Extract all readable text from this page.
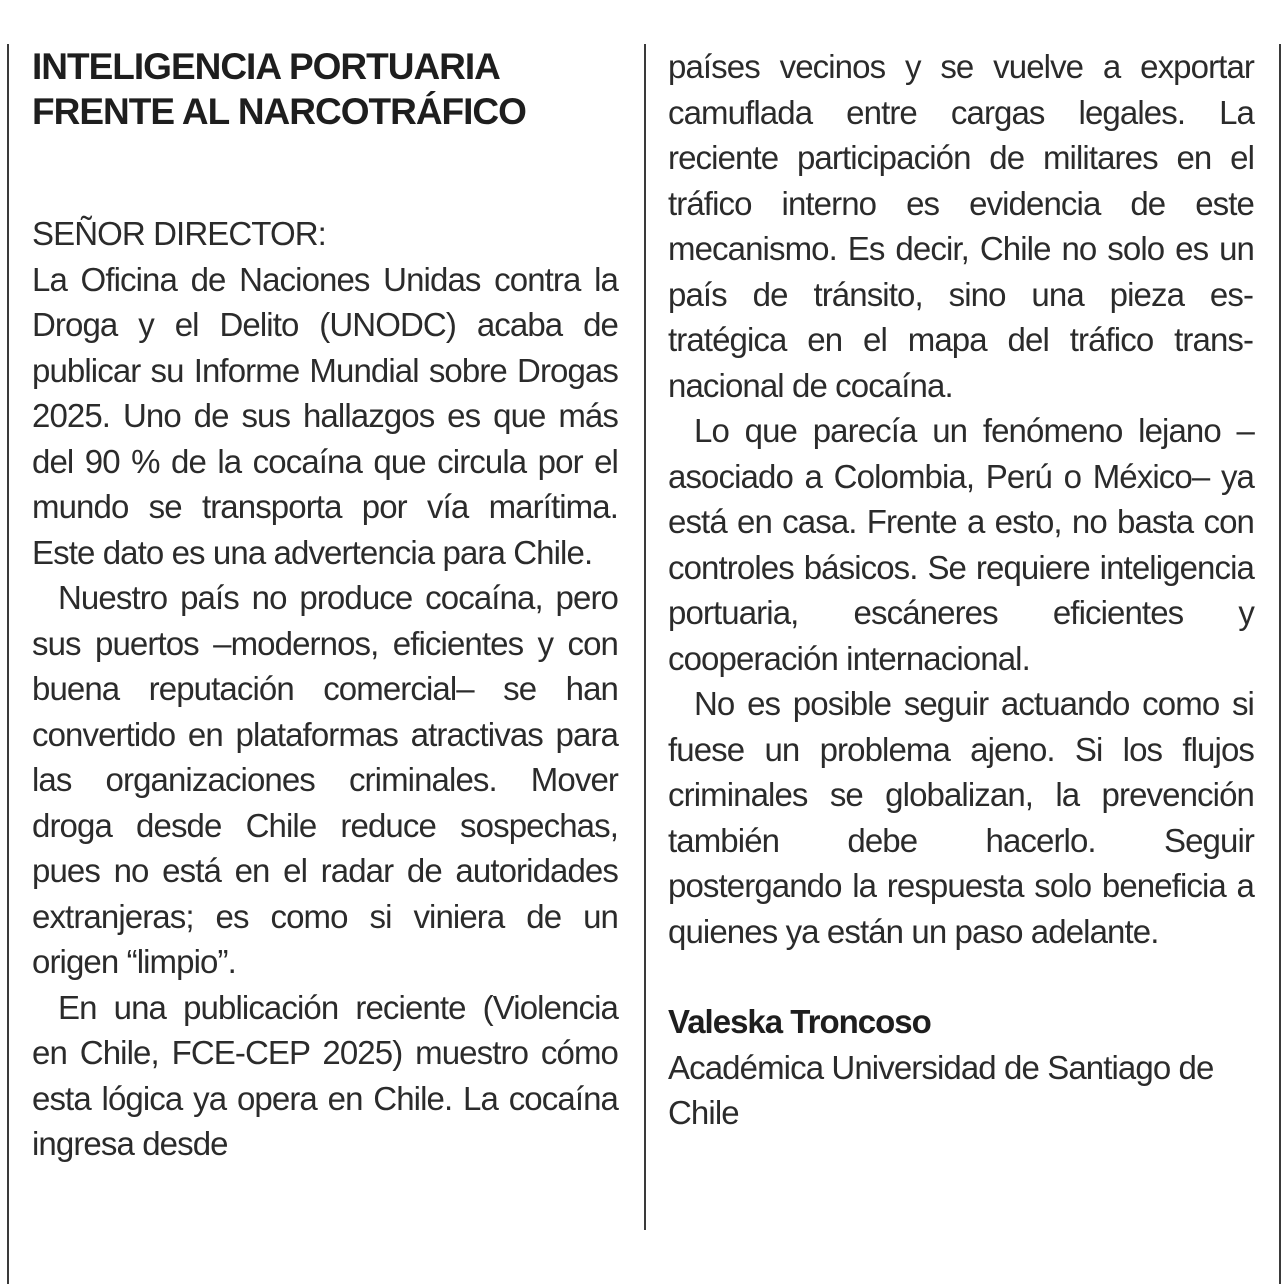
INTELIGENCIA PORTUARIA
FRENTE AL NARCOTRÁFICO
SEÑOR DIRECTOR:

La Oficina de Naciones Unidas contra la Droga y el Delito (UNODC) acaba de publicar su Informe Mundial sobre Drogas 2025. Uno de sus hallazgos es que más del 90 % de la cocaína que circula por el mundo se transporta por vía marítima. Este dato es una advertencia para Chile.

Nuestro país no produce cocaína, pero sus puertos –modernos, eficientes y con buena reputación comercial– se han convertido en plataformas atractivas para las organizaciones criminales. Mover droga desde Chile reduce sospechas, pues no está en el radar de autoridades extranjeras; es como si viniera de un origen “limpio”.

En una publicación reciente (Violencia en Chile, FCE-CEP 2025) muestro cómo esta lógica ya opera en Chile. La cocaína ingresa desde

países vecinos y se vuelve a exportar camuflada entre cargas legales. La reciente participación de militares en el tráfico interno es evidencia de este mecanismo. Es decir, Chile no solo es un país de tránsito, sino una pieza estratégica en el mapa del tráfico transnacional de cocaína.

Lo que parecía un fenómeno lejano –asociado a Colombia, Perú o México– ya está en casa. Frente a esto, no basta con controles básicos. Se requiere inteligencia portuaria, escáneres eficientes y cooperación internacional.

No es posible seguir actuando como si fuese un problema ajeno. Si los flujos criminales se globalizan, la prevención también debe hacerlo. Seguir postergando la respuesta solo beneficia a quienes ya están un paso adelante.

Valeska Troncoso
Académica Universidad de Santiago de Chile
